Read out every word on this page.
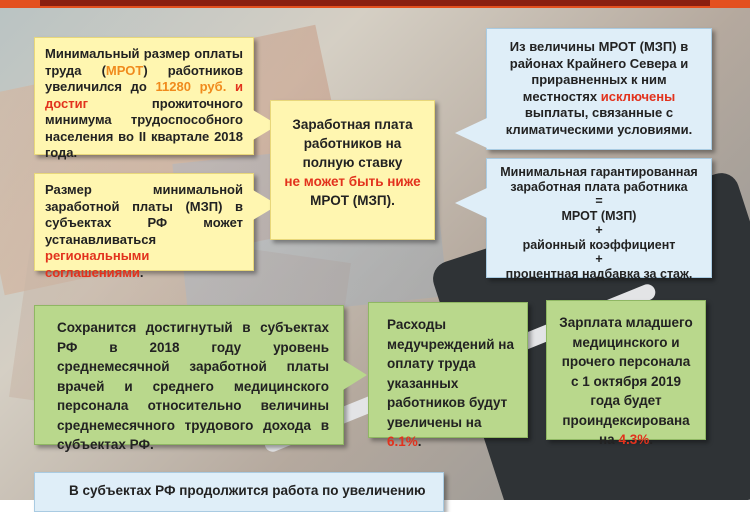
Минимальный размер оплаты труда (МРОТ) работников увеличился до 11280 руб. и достиг прожиточного минимума трудоспособного населения во II квартале 2018 года.
Размер минимальной заработной платы (МЗП) в субъектах РФ может устанавливаться региональными соглашениями.
Заработная плата работников на полную ставку
не может быть ниже
МРОТ (МЗП).
Из величины МРОТ (МЗП) в районах Крайнего Севера и приравненных к ним местностях исключены выплаты, связанные с климатическими условиями.
Минимальная гарантированная
заработная плата работника
=
МРОТ (МЗП)
+
районный коэффициент
+
процентная надбавка за стаж.
Сохранится достигнутый в субъектах РФ в 2018 году уровень среднемесячной заработной платы врачей и среднего медицинского персонала относительно величины среднемесячного трудового дохода в субъектах РФ.
Расходы медучреждений на оплату труда указанных работников будут увеличены на 6.1%.
Зарплата младшего медицинского и прочего персонала с 1 октября 2019 года будет проиндексирована на 4.3%.
В субъектах РФ продолжится работа по увеличению
